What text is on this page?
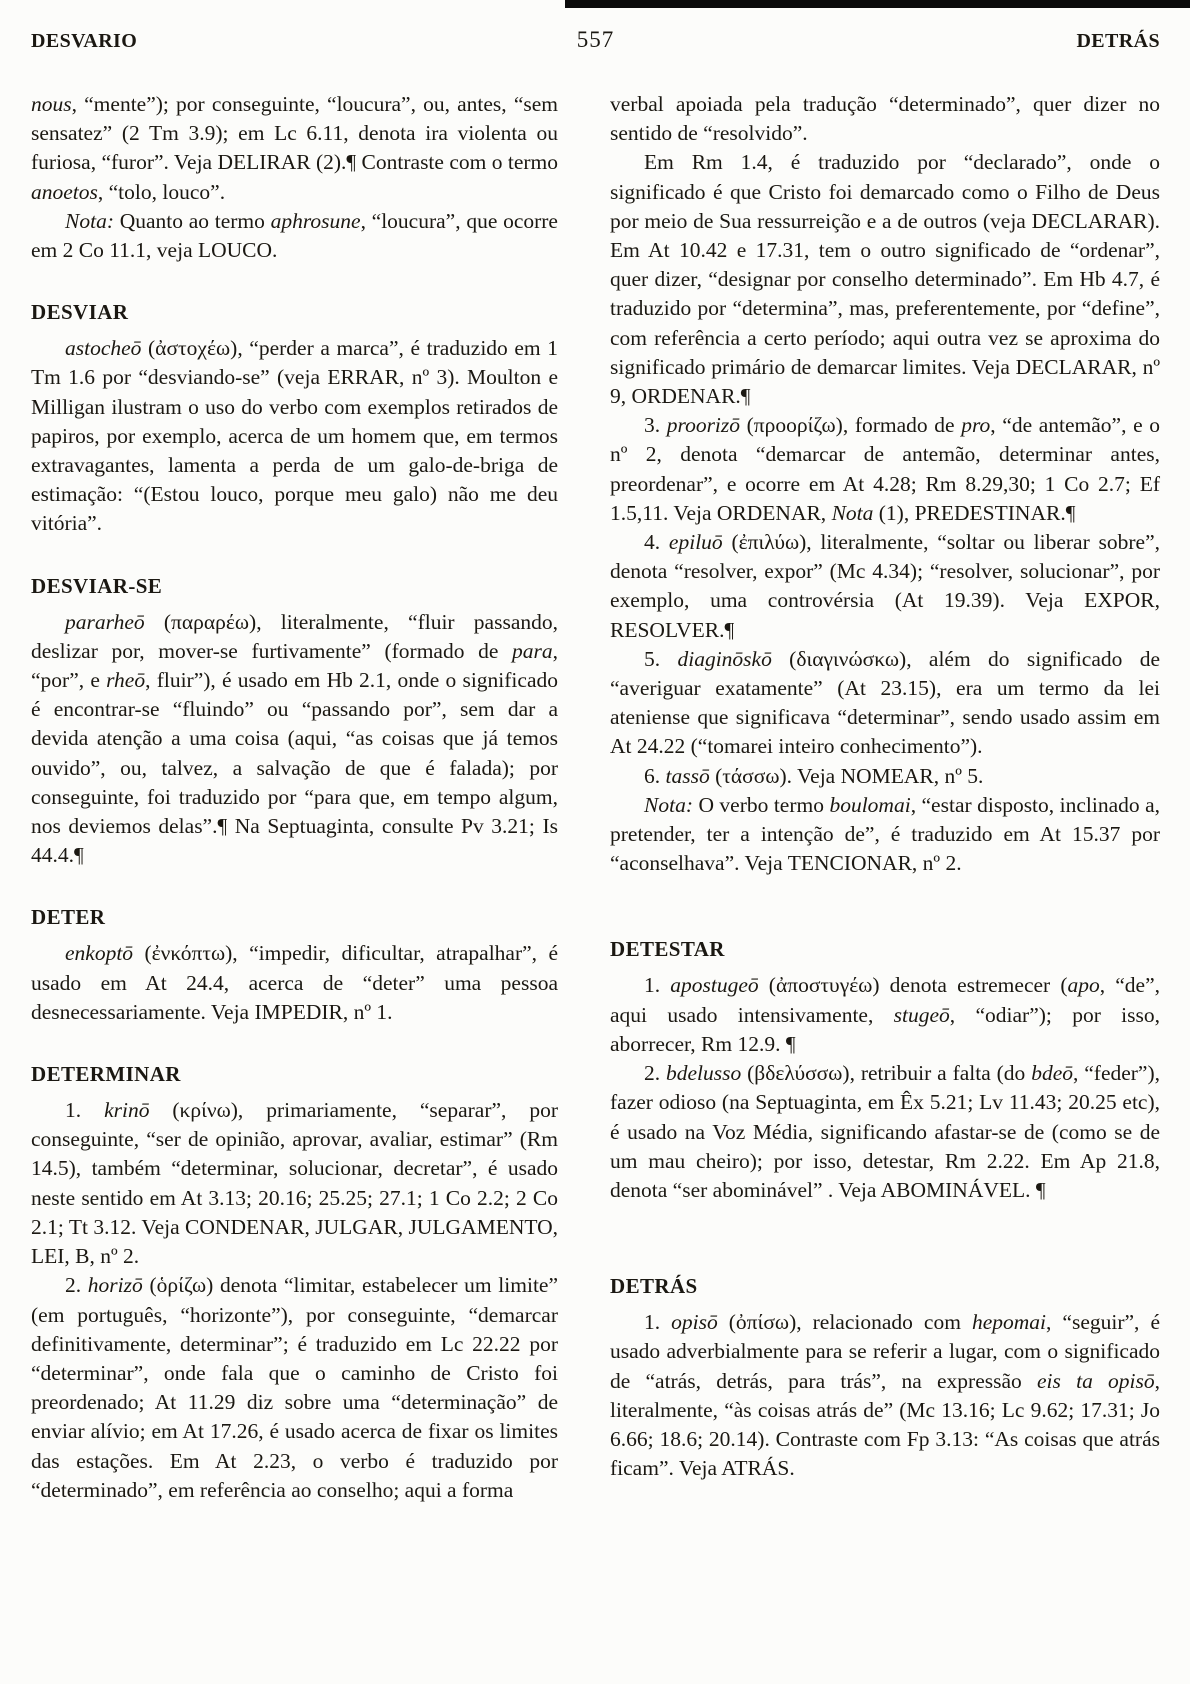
DESVARIO	557	DETRÁS

nous, “mente”); por conseguinte, “loucura”, ou, antes, “sem sensatez” (2 Tm 3.9); em Lc 6.11, denota ira violenta ou furiosa, “furor”. Veja DELIRAR (2).¶ Contraste com o termo anoetos, “tolo, louco”.

Nota: Quanto ao termo aphrosune, “loucura”, que ocorre em 2 Co 11.1, veja LOUCO.

DESVIAR

astocheō (ἀστοχέω), “perder a marca”, é traduzido em 1 Tm 1.6 por “desviando-se” (veja ERRAR, nº 3). Moulton e Milligan ilustram o uso do verbo com exemplos retirados de papiros, por exemplo, acerca de um homem que, em termos extravagantes, lamenta a perda de um galo-de-briga de estimação: “(Estou louco, porque meu galo) não me deu vitória”.

DESVIAR-SE

pararheō (παραρέω), literalmente, “fluir passando, deslizar por, mover-se furtivamente” (formado de para, “por”, e rheō, fluir”), é usado em Hb 2.1, onde o significado é encontrar-se “fluindo” ou “passando por”, sem dar a devida atenção a uma coisa (aqui, “as coisas que já temos ouvido”, ou, talvez, a salvação de que é falada); por conseguinte, foi traduzido por “para que, em tempo algum, nos deviemos delas”.¶ Na Septuaginta, consulte Pv 3.21; Is 44.4.¶

DETER

enkoptō (ἐνκόπτω), “impedir, dificultar, atrapalhar”, é usado em At 24.4, acerca de “deter” uma pessoa desnecessariamente. Veja IMPEDIR, nº 1.

DETERMINAR

1. krinō (κρίνω), primariamente, “separar”, por conseguinte, “ser de opinião, aprovar, avaliar, estimar” (Rm 14.5), também “determinar, solucionar, decretar”, é usado neste sentido em At 3.13; 20.16; 25.25; 27.1; 1 Co 2.2; 2 Co 2.1; Tt 3.12. Veja CONDENAR, JULGAR, JULGAMENTO, LEI, B, nº 2.

2. horizō (ὁρίζω) denota “limitar, estabelecer um limite” (em português, “horizonte”), por conseguinte, “demarcar definitivamente, determinar”; é traduzido em Lc 22.22 por “determinar”, onde fala que o caminho de Cristo foi preordenado; At 11.29 diz sobre uma “determinação” de enviar alívio; em At 17.26, é usado acerca de fixar os limites das estações. Em At 2.23, o verbo é traduzido por “determinado”, em referência ao conselho; aqui a forma

verbal apoiada pela tradução “determinado”, quer dizer no sentido de “resolvido”.

Em Rm 1.4, é traduzido por “declarado”, onde o significado é que Cristo foi demarcado como o Filho de Deus por meio de Sua ressurreição e a de outros (veja DECLARAR). Em At 10.42 e 17.31, tem o outro significado de “ordenar”, quer dizer, “designar por conselho determinado”. Em Hb 4.7, é traduzido por “determina”, mas, preferentemente, por “define”, com referência a certo período; aqui outra vez se aproxima do significado primário de demarcar limites. Veja DECLARAR, nº 9, ORDENAR.¶

3. proorizō (προορίζω), formado de pro, “de antemão”, e o nº 2, denota “demarcar de antemão, determinar antes, preordenar”, e ocorre em At 4.28; Rm 8.29,30; 1 Co 2.7; Ef 1.5,11. Veja ORDENAR, Nota (1), PREDESTINAR.¶

4. epiluō (ἐπιλύω), literalmente, “soltar ou liberar sobre”, denota “resolver, expor” (Mc 4.34); “resolver, solucionar”, por exemplo, uma controvérsia (At 19.39). Veja EXPOR, RESOLVER.¶

5. diaginōskō (διαγινώσκω), além do significado de “averiguar exatamente” (At 23.15), era um termo da lei ateniense que significava “determinar”, sendo usado assim em At 24.22 (“tomarei inteiro conhecimento”).

6. tassō (τάσσω). Veja NOMEAR, nº 5.

Nota: O verbo termo boulomai, “estar disposto, inclinado a, pretender, ter a intenção de”, é traduzido em At 15.37 por “aconselhava”. Veja TENCIONAR, nº 2.

DETESTAR

1. apostugeō (ἀποστυγέω) denota estremecer (apo, “de”, aqui usado intensivamente, stugeō, “odiar”); por isso, aborrecer, Rm 12.9. ¶

2. bdelusso (βδελύσσω), retribuir a falta (do bdeō, “feder”), fazer odioso (na Septuaginta, em Êx 5.21; Lv 11.43; 20.25 etc), é usado na Voz Média, significando afastar-se de (como se de um mau cheiro); por isso, detestar, Rm 2.22. Em Ap 21.8, denota “ser abominável” . Veja ABOMINÁVEL. ¶

DETRÁS

1. opisō (ὀπίσω), relacionado com hepomai, “seguir”, é usado adverbialmente para se referir a lugar, com o significado de “atrás, detrás, para trás”, na expressão eis ta opisō, literalmente, “às coisas atrás de” (Mc 13.16; Lc 9.62; 17.31; Jo 6.66; 18.6; 20.14). Contraste com Fp 3.13: “As coisas que atrás ficam”. Veja ATRÁS.
